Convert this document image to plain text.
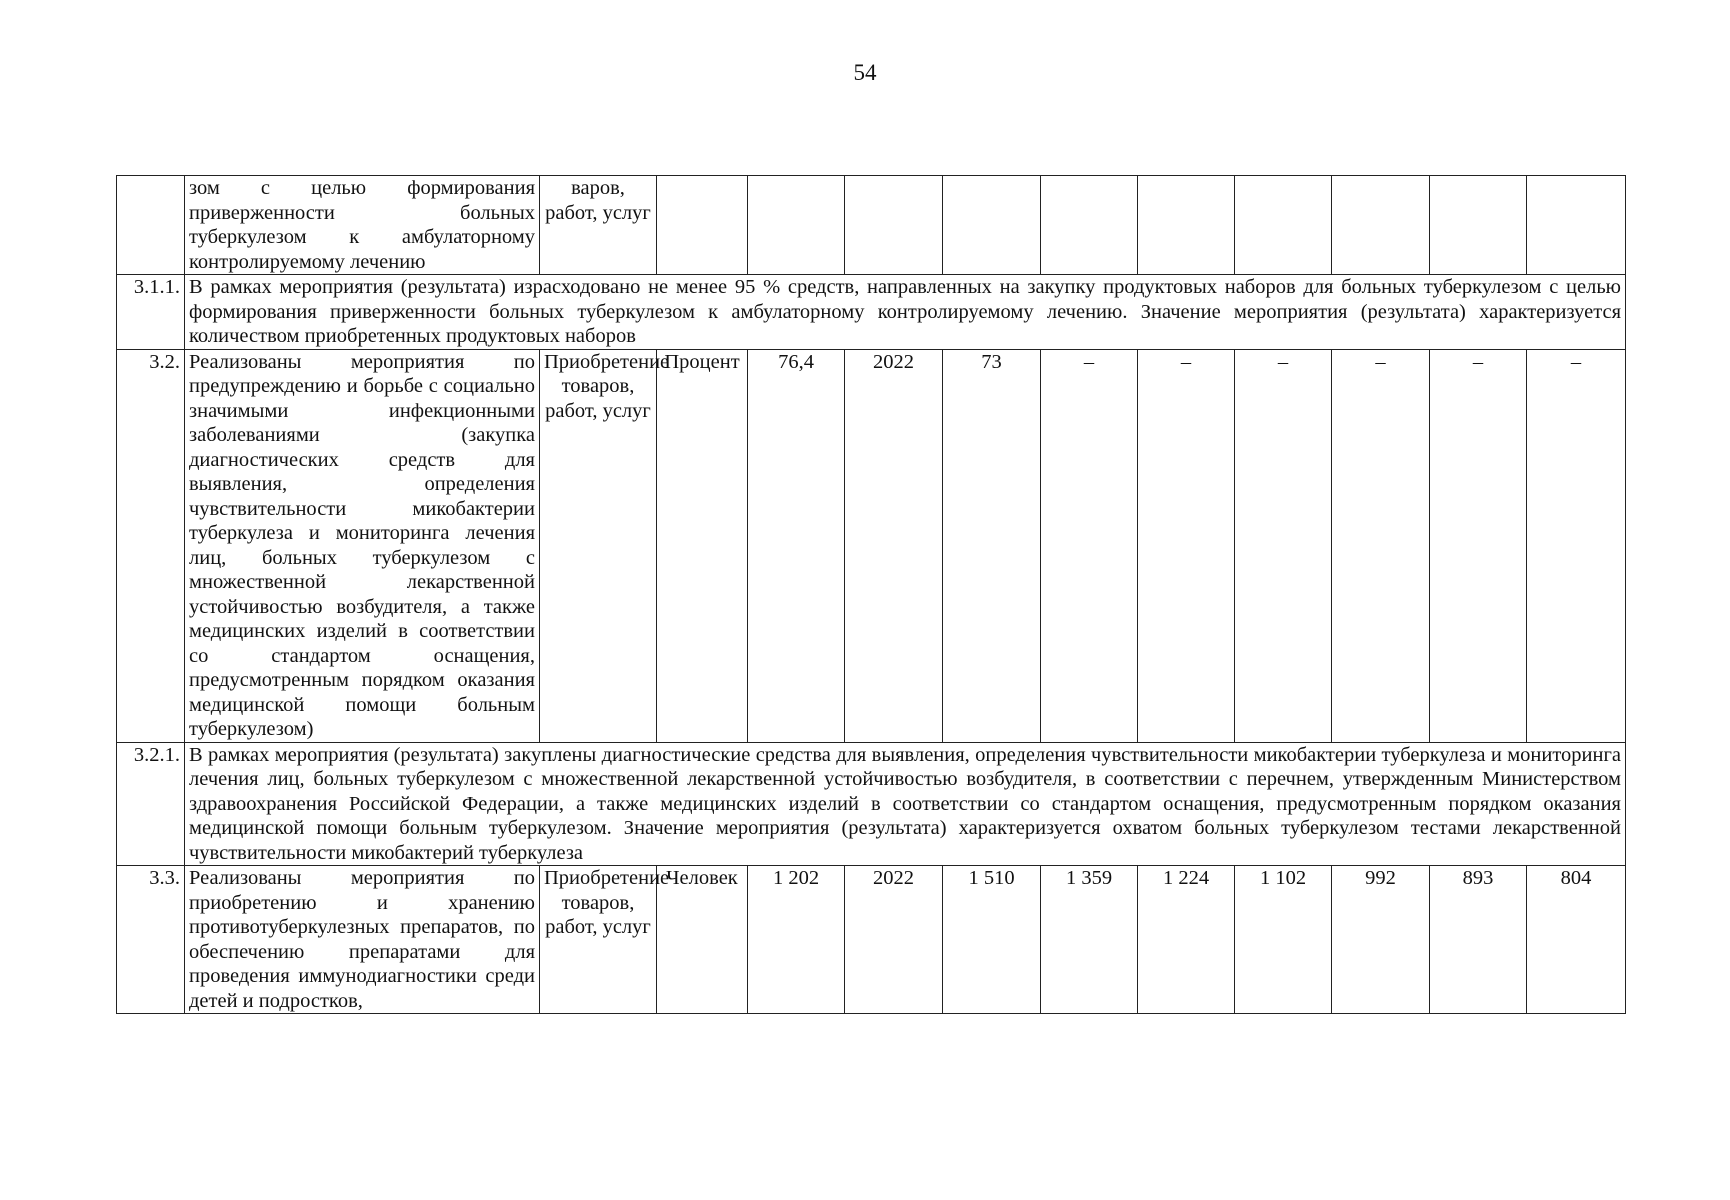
54
	зом с целью формирования приверженности больных туберкулезом к амбулаторному контролируемому лечению	варов, работ, услуг										
3.1.1.	В рамках мероприятия (результата) израсходовано не менее 95 % средств, направленных на закупку продуктовых наборов для больных туберкулезом с целью формирования приверженности больных туберкулезом к амбулаторному контролируемому лечению. Значение мероприятия (результата) характеризуется количеством приобретенных продуктовых наборов											
3.2.	Реализованы мероприятия по предупреждению и борьбе с социально значимыми инфекционными заболеваниями (закупка диагностических средств для выявления, определения чувствительности микобактерии туберкулеза и мониторинга лечения лиц, больных туберкулезом с множественной лекарственной устойчивостью возбудителя, а также медицинских изделий в соответствии со стандартом оснащения, предусмотренным порядком оказания медицинской помощи больным туберкулезом)	Приобретение товаров, работ, услуг	Процент	76,4	2022	73	–	–	–	–	–	–
3.2.1.	В рамках мероприятия (результата) закуплены диагностические средства для выявления, определения чувствительности микобактерии туберкулеза и мониторинга лечения лиц, больных туберкулезом с множественной лекарственной устойчивостью возбудителя, в соответствии с перечнем, утвержденным Министерством здравоохранения Российской Федерации, а также медицинских изделий в соответствии со стандартом оснащения, предусмотренным порядком оказания медицинской помощи больным туберкулезом. Значение мероприятия (результата) характеризуется охватом больных туберкулезом тестами лекарственной чувствительности микобактерий туберкулеза											
3.3.	Реализованы мероприятия по приобретению и хранению противотуберкулезных препаратов, по обеспечению препаратами для проведения иммунодиагностики среди детей и подростков,	Приобретение товаров, работ, услуг	Человек	1 202	2022	1 510	1 359	1 224	1 102	992	893	804
